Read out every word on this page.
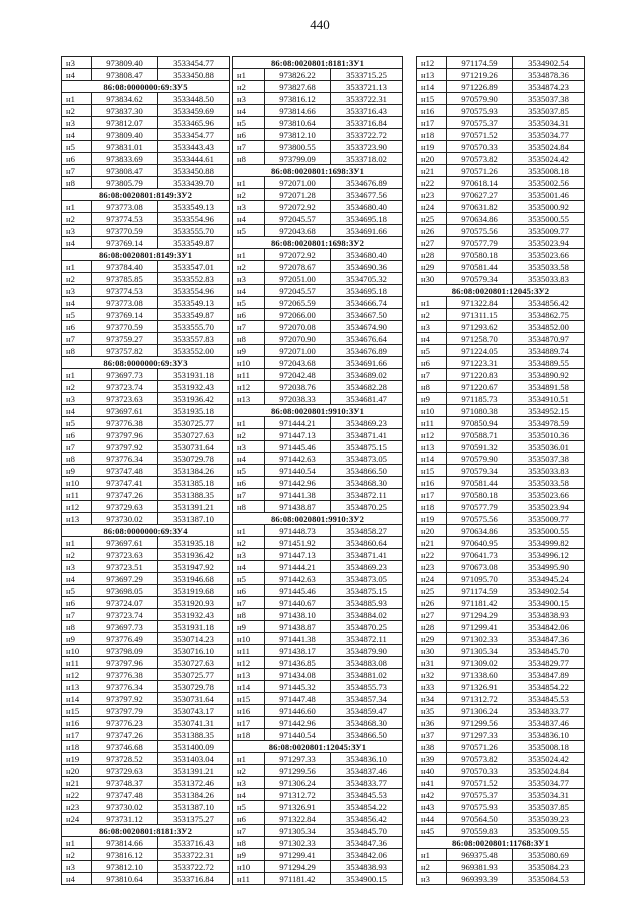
440
н3	973809.40	3533454.77
н4	973808.47	3533450.88
86:08:0000000:69:ЗУ5		
н1	973834.62	3533448.50
н2	973837.30	3533459.69
н3	973812.07	3533465.96
н4	973809.40	3533454.77
н5	973831.01	3533443.43
н6	973833.69	3533444.61
н7	973808.47	3533450.88
н8	973805.79	3533439.70
86:08:0020801:8149:ЗУ2		
н1	973773.08	3533549.13
н2	973774.53	3533554.96
н3	973770.59	3533555.70
н4	973769.14	3533549.87
86:08:0020801:8149:ЗУ1		
н1	973784.40	3533547.01
н2	973785.85	3533552.83
н3	973774.53	3533554.96
н4	973773.08	3533549.13
н5	973769.14	3533549.87
н6	973770.59	3533555.70
н7	973759.27	3533557.83
н8	973757.82	3533552.00
86:08:0000000:69:ЗУ3		
н1	973697.73	3531931.18
н2	973723.74	3531932.43
н3	973723.63	3531936.42
н4	973697.61	3531935.18
н5	973776.38	3530725.77
н6	973797.96	3530727.63
н7	973797.92	3530731.64
н8	973776.34	3530729.78
н9	973747.48	3531384.26
н10	973747.41	3531385.18
н11	973747.26	3531388.35
н12	973729.63	3531391.21
н13	973730.02	3531387.10
86:08:0000000:69:ЗУ4		
н1	973697.61	3531935.18
н2	973723.63	3531936.42
н3	973723.51	3531947.92
н4	973697.29	3531946.68
н5	973698.05	3531919.68
н6	973724.07	3531920.93
н7	973723.74	3531932.43
н8	973697.73	3531931.18
н9	973776.49	3530714.23
н10	973798.09	3530716.10
н11	973797.96	3530727.63
н12	973776.38	3530725.77
н13	973776.34	3530729.78
н14	973797.92	3530731.64
н15	973797.79	3530743.17
н16	973776.23	3530741.31
н17	973747.26	3531388.35
н18	973746.68	3531400.09
н19	973728.52	3531403.04
н20	973729.63	3531391.21
н21	973748.37	3531372.46
н22	973747.48	3531384.26
н23	973730.02	3531387.10
н24	973731.12	3531375.27
86:08:0020801:8181:ЗУ2		
н1	973814.66	3533716.43
н2	973816.12	3533722.31
н3	973812.10	3533722.72
н4	973810.64	3533716.84
86:08:0020801:8181:ЗУ1		
н1	973826.22	3533715.25
н2	973827.68	3533721.13
н3	973816.12	3533722.31
н4	973814.66	3533716.43
н5	973810.64	3533716.84
н6	973812.10	3533722.72
н7	973800.55	3533723.90
н8	973799.09	3533718.02
86:08:0020801:1698:ЗУ1		
н1	972071.00	3534676.89
н2	972071.28	3534677.56
н3	972072.92	3534680.40
н4	972045.57	3534695.18
н5	972043.68	3534691.66
86:08:0020801:1698:ЗУ2		
н1	972072.92	3534680.40
н2	972078.67	3534690.36
н3	972051.00	3534705.32
н4	972045.57	3534695.18
н5	972065.59	3534666.74
н6	972066.00	3534667.50
н7	972070.08	3534674.90
н8	972070.90	3534676.64
н9	972071.00	3534676.89
н10	972043.68	3534691.66
н11	972042.48	3534689.02
н12	972038.76	3534682.28
н13	972038.33	3534681.47
86:08:0020801:9910:ЗУ1		
н1	971444.21	3534869.23
н2	971447.13	3534871.41
н3	971445.46	3534875.15
н4	971442.63	3534873.05
н5	971440.54	3534866.50
н6	971442.96	3534868.30
н7	971441.38	3534872.11
н8	971438.87	3534870.25
86:08:0020801:9910:ЗУ2		
н1	971448.73	3534858.27
н2	971451.92	3534860.64
н3	971447.13	3534871.41
н4	971444.21	3534869.23
н5	971442.63	3534873.05
н6	971445.46	3534875.15
н7	971440.67	3534885.93
н8	971438.10	3534884.02
н9	971438.87	3534870.25
н10	971441.38	3534872.11
н11	971438.17	3534879.90
н12	971436.85	3534883.08
н13	971434.08	3534881.02
н14	971445.32	3534855.73
н15	971447.48	3534857.34
н16	971446.60	3534859.47
н17	971442.96	3534868.30
н18	971440.54	3534866.50
86:08:0020801:12045:ЗУ1		
н1	971297.33	3534836.10
н2	971299.56	3534837.46
н3	971306.24	3534833.77
н4	971312.72	3534845.53
н5	971326.91	3534854.22
н6	971322.84	3534856.42
н7	971305.34	3534845.70
н8	971302.33	3534847.36
н9	971299.41	3534842.06
н10	971294.29	3534838.93
н11	971181.42	3534900.15
н12	971174.59	3534902.54
н13	971219.26	3534878.36
н14	971226.89	3534874.23
н15	970579.90	3535037.38
н16	970575.93	3535037.85
н17	970575.37	3535034.31
н18	970571.52	3535034.77
н19	970570.33	3535024.84
н20	970573.82	3535024.42
н21	970571.26	3535008.18
н22	970618.14	3535002.56
н23	970627.27	3535001.46
н24	970631.82	3535000.92
н25	970634.86	3535000.55
н26	970575.56	3535009.77
н27	970577.79	3535023.94
н28	970580.18	3535023.66
н29	970581.44	3535033.58
н30	970579.34	3535033.83
86:08:0020801:12045:ЗУ2		
н1	971322.84	3534856.42
н2	971311.15	3534862.75
н3	971293.62	3534852.00
н4	971258.70	3534870.97
н5	971224.05	3534889.74
н6	971223.31	3534889.55
н7	971220.83	3534890.92
н8	971220.67	3534891.58
н9	971185.73	3534910.51
н10	971080.38	3534952.15
н11	970850.94	3534978.59
н12	970588.71	3535010.36
н13	970591.32	3535036.01
н14	970579.90	3535037.38
н15	970579.34	3535033.83
н16	970581.44	3535033.58
н17	970580.18	3535023.66
н18	970577.79	3535023.94
н19	970575.56	3535009.77
н20	970634.86	3535000.55
н21	970640.95	3534999.82
н22	970641.73	3534996.12
н23	970673.08	3534995.90
н24	971095.70	3534945.24
н25	971174.59	3534902.54
н26	971181.42	3534900.15
н27	971294.29	3534838.93
н28	971299.41	3534842.06
н29	971302.33	3534847.36
н30	971305.34	3534845.70
н31	971309.02	3534829.77
н32	971338.60	3534847.89
н33	971326.91	3534854.22
н34	971312.72	3534845.53
н35	971306.24	3534833.77
н36	971299.56	3534837.46
н37	971297.33	3534836.10
н38	970571.26	3535008.18
н39	970573.82	3535024.42
н40	970570.33	3535024.84
н41	970571.52	3535034.77
н42	970575.37	3535034.31
н43	970575.93	3535037.85
н44	970564.50	3535039.23
н45	970559.83	3535009.55
86:08:0020801:11768:ЗУ1		
н1	969375.48	3535080.69
н2	969381.93	3535084.23
н3	969393.39	3535084.53
